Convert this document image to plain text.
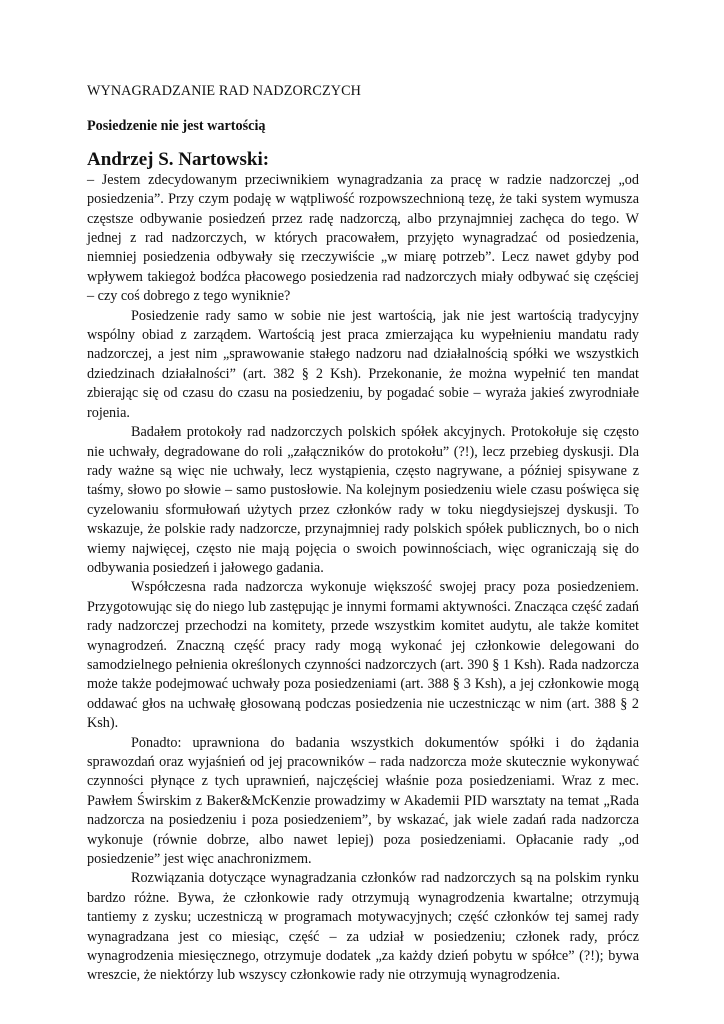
WYNAGRADZANIE RAD NADZORCZYCH
Posiedzenie nie jest wartością
Andrzej S. Nartowski:

– Jestem zdecydowanym przeciwnikiem wynagradzania za pracę w radzie nadzorczej „od posiedzenia”. Przy czym podaję w wątpliwość rozpowszechnioną tezę, że taki system wymusza częstsze odbywanie posiedzeń przez radę nadzorczą, albo przynajmniej zachęca do tego. W jednej z rad nadzorczych, w których pracowałem, przyjęto wynagradzać od posiedzenia, niemniej posiedzenia odbywały się rzeczywiście „w miarę potrzeb”. Lecz nawet gdyby pod wpływem takiegoż bodźca płacowego posiedzenia rad nadzorczych miały odbywać się częściej – czy coś dobrego z tego wyniknie?

Posiedzenie rady samo w sobie nie jest wartością, jak nie jest wartością tradycyjny wspólny obiad z zarządem. Wartością jest praca zmierzająca ku wypełnieniu mandatu rady nadzorczej, a jest nim „sprawowanie stałego nadzoru nad działalnością spółki we wszystkich dziedzinach działalności” (art. 382 § 2 Ksh). Przekonanie, że można wypełnić ten mandat zbierając się od czasu do czasu na posiedzeniu, by pogadać sobie – wyraża jakieś zwyrodniałe rojenia.

Badałem protokoły rad nadzorczych polskich spółek akcyjnych. Protokołuje się często nie uchwały, degradowane do roli „załączników do protokołu” (?!), lecz przebieg dyskusji. Dla rady ważne są więc nie uchwały, lecz wystąpienia, często nagrywane, a później spisywane z taśmy, słowo po słowie – samo pustosłowie. Na kolejnym posiedzeniu wiele czasu poświęca się cyzelowaniu sformułowań użytych przez członków rady w toku niegdysiejszej dyskusji. To wskazuje, że polskie rady nadzorcze, przynajmniej rady polskich spółek publicznych, bo o nich wiemy najwięcej, często nie mają pojęcia o swoich powinnościach, więc ograniczają się do odbywania posiedzeń i jałowego gadania.

Współczesna rada nadzorcza wykonuje większość swojej pracy poza posiedzeniem. Przygotowując się do niego lub zastępując je innymi formami aktywności. Znacząca część zadań rady nadzorczej przechodzi na komitety, przede wszystkim komitet audytu, ale także komitet wynagrodzeń. Znaczną część pracy rady mogą wykonać jej członkowie delegowani do samodzielnego pełnienia określonych czynności nadzorczych (art. 390 § 1 Ksh). Rada nadzorcza może także podejmować uchwały poza posiedzeniami (art. 388 § 3 Ksh), a jej członkowie mogą oddawać głos na uchwałę głosowaną podczas posiedzenia nie uczestnicząc w nim (art. 388 § 2 Ksh).

Ponadto: uprawniona do badania wszystkich dokumentów spółki i do żądania sprawozdań oraz wyjaśnień od jej pracowników – rada nadzorcza może skutecznie wykonywać czynności płynące z tych uprawnień, najczęściej właśnie poza posiedzeniami. Wraz z mec. Pawłem Świrskim z Baker&McKenzie prowadzimy w Akademii PID warsztaty na temat „Rada nadzorcza na posiedzeniu i poza posiedzeniem”, by wskazać, jak wiele zadań rada nadzorcza wykonuje (równie dobrze, albo nawet lepiej) poza posiedzeniami. Opłacanie rady „od posiedzenie” jest więc anachronizmem.

Rozwiązania dotyczące wynagradzania członków rad nadzorczych są na polskim rynku bardzo różne. Bywa, że członkowie rady otrzymują wynagrodzenia kwartalne; otrzymują tantiemy z zysku; uczestniczą w programach motywacyjnych; część członków tej samej rady wynagradzana jest co miesiąc, część – za udział w posiedzeniu; członek rady, prócz wynagrodzenia miesięcznego, otrzymuje dodatek „za każdy dzień pobytu w spółce” (?!); bywa wreszcie, że niektórzy lub wszyscy członkowie rady nie otrzymują wynagrodzenia.
